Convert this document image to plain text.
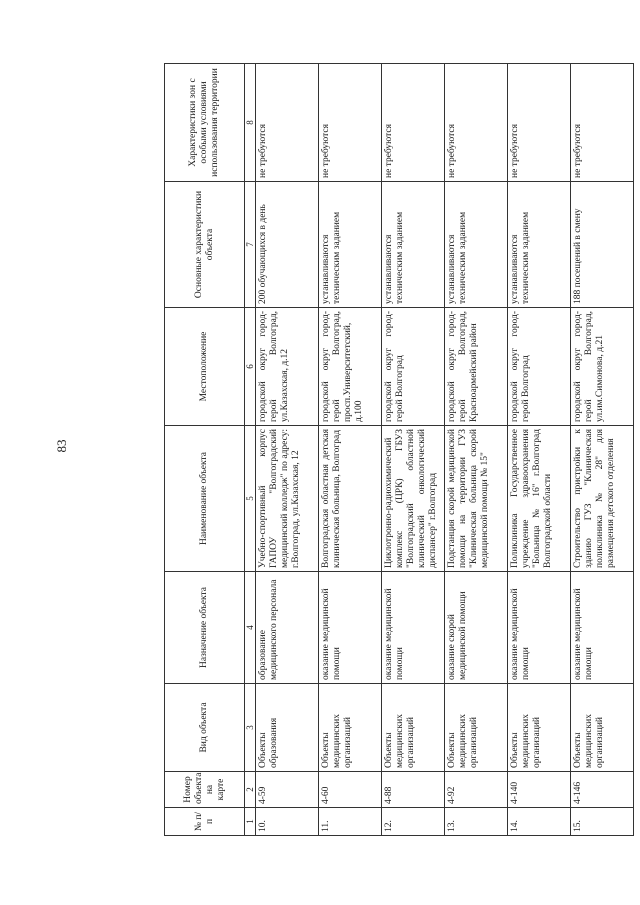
83
№ п/п	Номер объекта на карте	Вид объекта	Назначение объекта	Наименование объекта	Местоположение	Основные характеристики объекта	Характеристики зон с особыми условиями использования территории
1	2	3	4	5	6	7	8
10.	4-59	Объекты образования	образование медицинского персонала	Учебно-спортивный корпус ГАПОУ "Волгоградский медицинский колледж" по адресу: г.Волгоград, ул.Казахская, 12	городской округ город-герой Волгоград, ул.Казахская, д.12	200 обучающихся в день	не требуются
11.	4-60	Объекты медицинских организаций	оказание медицинской помощи	Волгоградская областная детская клиническая больница, Волгоград	городской округ город-герой Волгоград, просп.Университетский, д.100	устанавливаются техническим заданием	не требуются
12.	4-88	Объекты медицинских организаций	оказание медицинской помощи	Циклотронно-радиохимический комплекс (ЦРК) ГБУЗ "Волгоградский областной клинический онкологический диспансер" г.Волгоград	городской округ город-герой Волгоград	устанавливаются техническим заданием	не требуются
13.	4-92	Объекты медицинских организаций	оказание скорой медицинской помощи	Подстанция скорой медицинской помощи на территории ГУЗ "Клиническая больница скорой медицинской помощи № 15"	городской округ город-герой Волгоград, Красноармейский район	устанавливаются техническим заданием	не требуются
14.	4-140	Объекты медицинских организаций	оказание медицинской помощи	Поликлиника Государственное учреждение здравоохранения "Больница № 16" г.Волгоград Волгоградской области	городской округ город-герой Волгоград	устанавливаются техническим заданием	не требуются
15.	4-146	Объекты медицинских организаций	оказание медицинской помощи	Строительство пристройки к зданию ГУЗ "Клиническая поликлиника № 28" для размещения детского отделения	городской округ город-герой Волгоград, ул.им.Симонова, д.21	188 посещений в смену	не требуются
